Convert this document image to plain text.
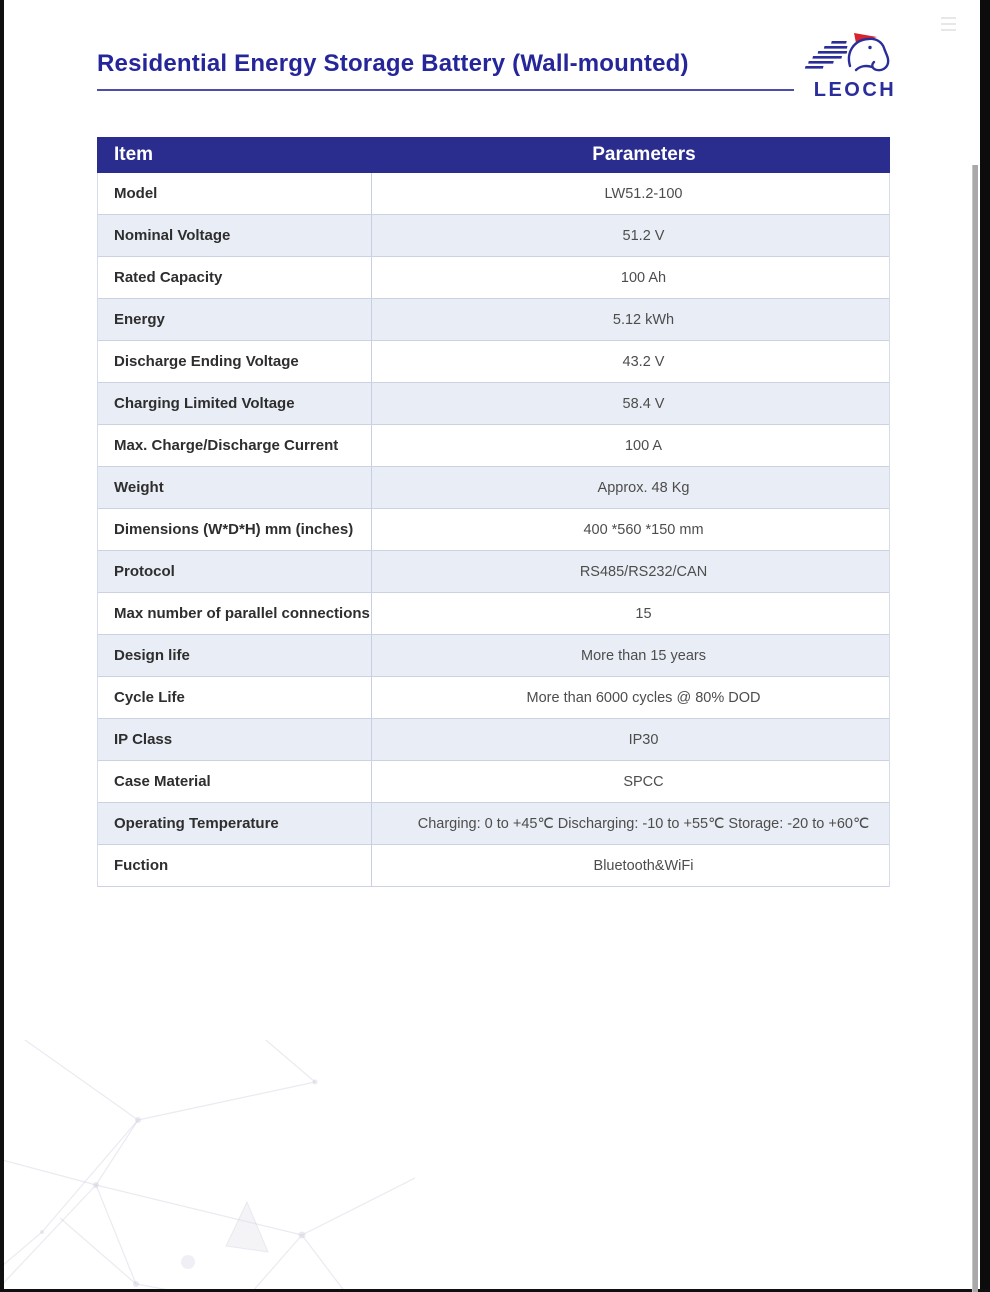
Residential Energy Storage Battery (Wall-mounted)
LEOCH
Item	Parameters
Model	LW51.2-100
Nominal Voltage	51.2 V
Rated Capacity	100 Ah
Energy	5.12 kWh
Discharge Ending Voltage	43.2 V
Charging Limited Voltage	58.4 V
Max. Charge/Discharge Current	100 A
Weight	Approx. 48 Kg
Dimensions (W*D*H) mm (inches)	400 *560 *150 mm
Protocol	RS485/RS232/CAN
Max number of parallel connections	15
Design life	More than 15 years
Cycle Life	More than 6000 cycles @ 80% DOD
IP Class	IP30
Case Material	SPCC
Operating Temperature	Charging: 0 to +45℃ Discharging: -10 to +55℃ Storage: -20 to +60℃
Fuction	Bluetooth&WiFi
